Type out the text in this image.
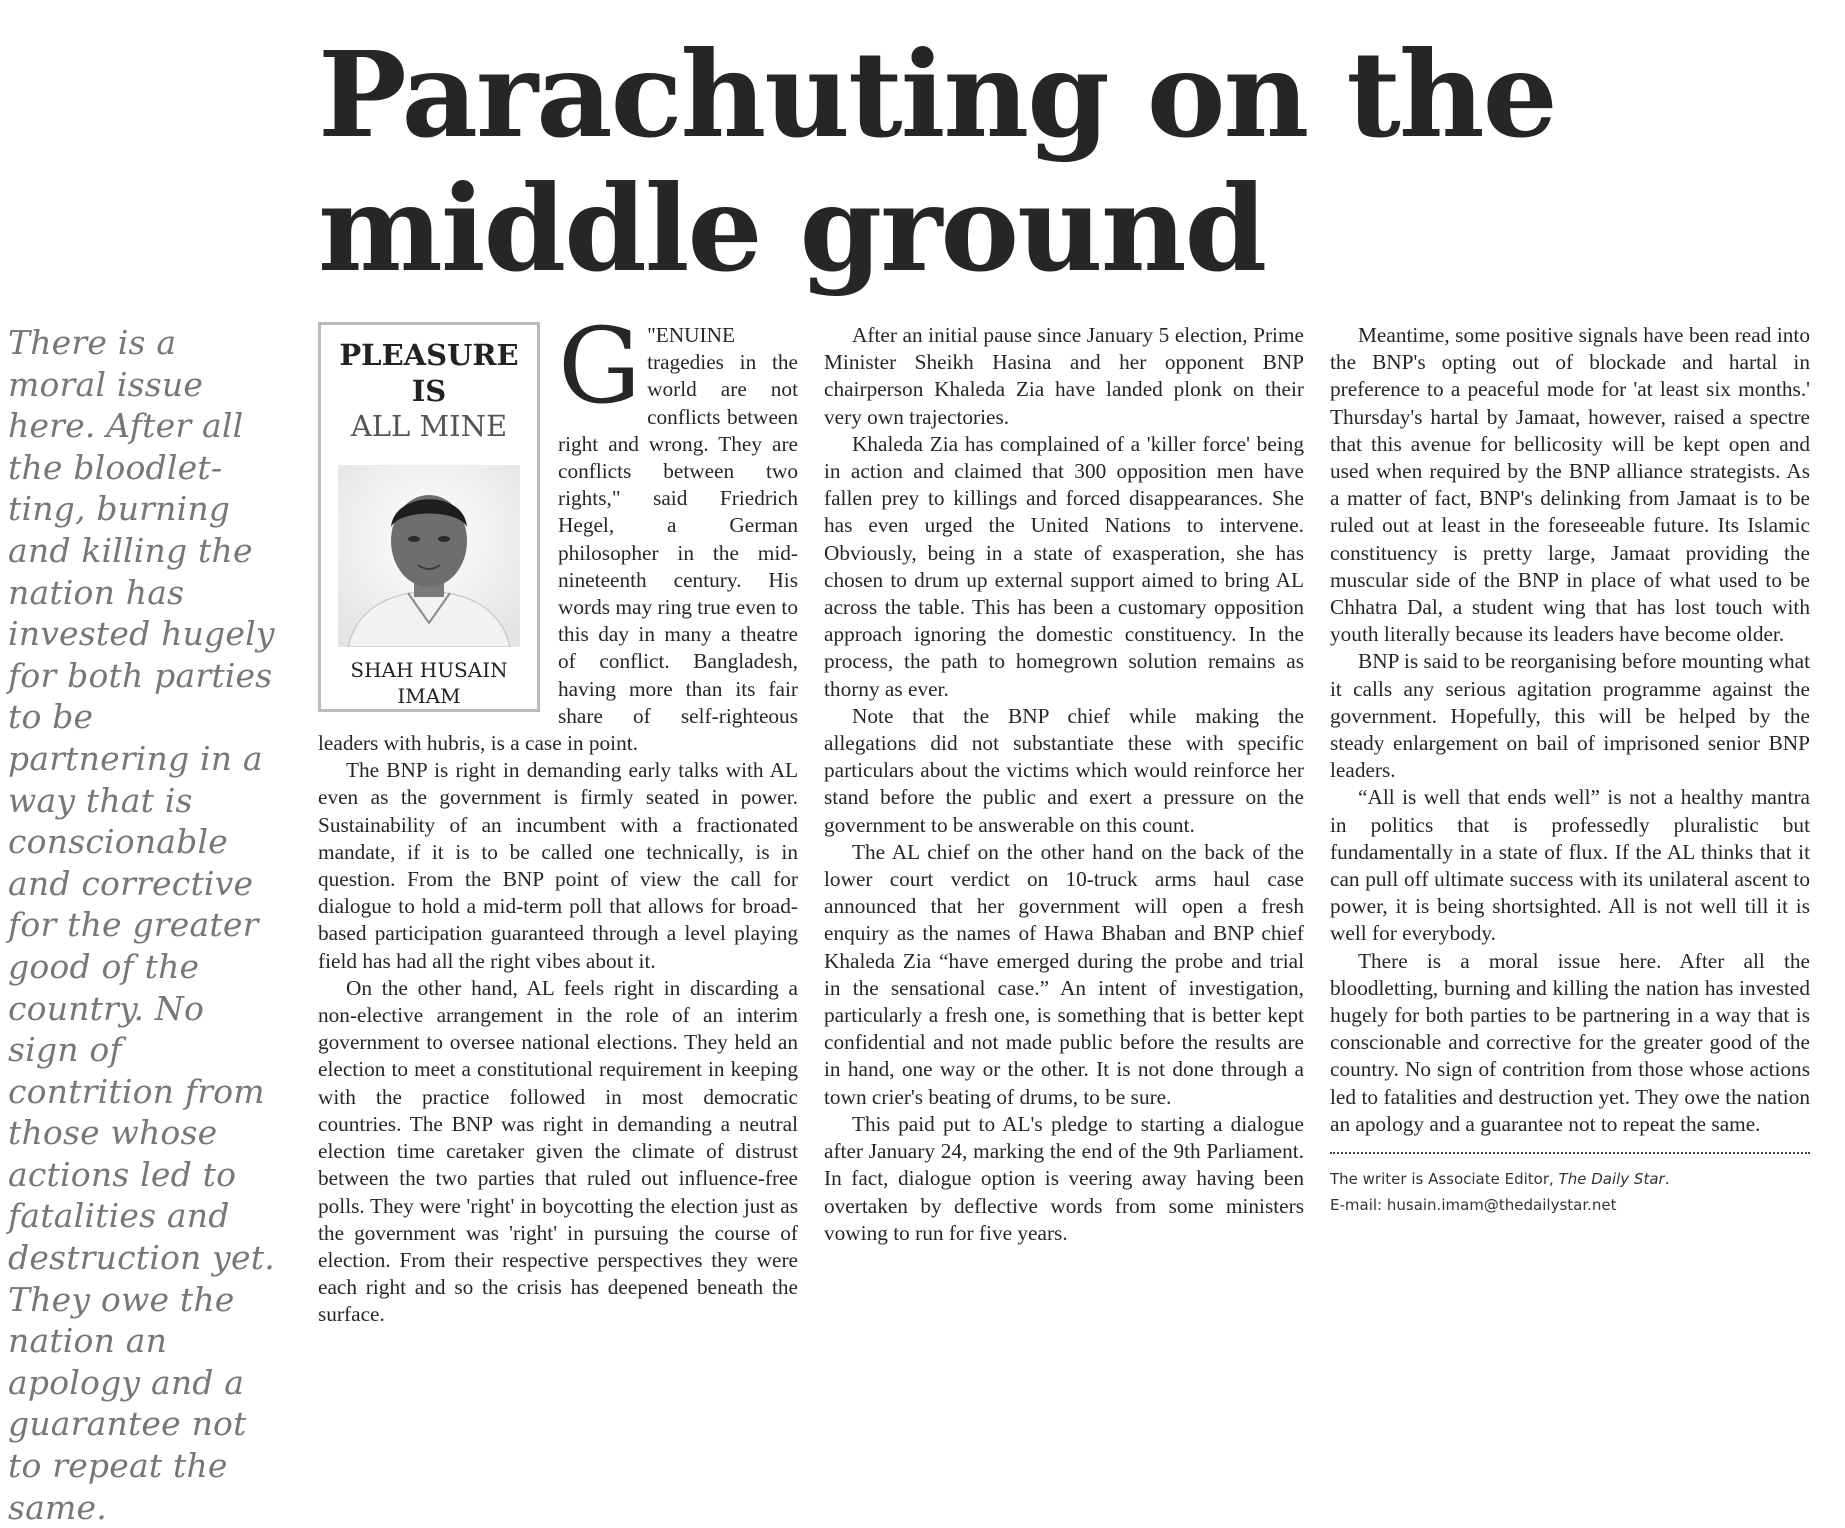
Parachuting on the middle ground

There is a moral issue here. After all the bloodletting, burning and killing the nation has invested hugely for both parties to be partnering in a way that is conscionable and corrective for the greater good of the country. No sign of contrition from those whose actions led to fatalities and destruction yet. They owe the nation an apology and a guarantee not to repeat the same.

PLEASURE IS
ALL MINE
SHAH HUSAIN IMAM

"
G ENUINE tragedies in the world are not conflicts between right and wrong. They are conflicts between two rights," said Friedrich Hegel, a German philosopher in the mid-nineteenth century. His words may ring true even to this day in many a theatre of conflict. Bangladesh, having more than its fair share of self-righteous leaders with hubris, is a case in point.

The BNP is right in demanding early talks with AL even as the government is firmly seated in power. Sustainability of an incumbent with a fractionated mandate, if it is to be called one technically, is in question. From the BNP point of view the call for dialogue to hold a mid-term poll that allows for broad-based participation guaranteed through a level playing field has had all the right vibes about it.

On the other hand, AL feels right in discarding a non-elective arrangement in the role of an interim government to oversee national elections. They held an election to meet a constitutional requirement in keeping with the practice followed in most democratic countries. The BNP was right in demanding a neutral election time caretaker given the climate of distrust between the two parties that ruled out influence-free polls. They were 'right' in boycotting the election just as the government was 'right' in pursuing the course of election. From their respective perspectives they were each right and so the crisis has deepened beneath the surface.

After an initial pause since January 5 election, Prime Minister Sheikh Hasina and her opponent BNP chairperson Khaleda Zia have landed plonk on their very own trajectories.

Khaleda Zia has complained of a 'killer force' being in action and claimed that 300 opposition men have fallen prey to killings and forced disappearances. She has even urged the United Nations to intervene. Obviously, being in a state of exasperation, she has chosen to drum up external support aimed to bring AL across the table. This has been a customary opposition approach ignoring the domestic constituency. In the process, the path to homegrown solution remains as thorny as ever.

Note that the BNP chief while making the allegations did not substantiate these with specific particulars about the victims which would reinforce her stand before the public and exert a pressure on the government to be answerable on this count.

The AL chief on the other hand on the back of the lower court verdict on 10-truck arms haul case announced that her government will open a fresh enquiry as the names of Hawa Bhaban and BNP chief Khaleda Zia “have emerged during the probe and trial in the sensational case.” An intent of investigation, particularly a fresh one, is something that is better kept confidential and not made public before the results are in hand, one way or the other. It is not done through a town crier's beating of drums, to be sure.

This paid put to AL's pledge to starting a dialogue after January 24, marking the end of the 9th Parliament. In fact, dialogue option is veering away having been overtaken by deflective words from some ministers vowing to run for five years.

Meantime, some positive signals have been read into the BNP's opting out of blockade and hartal in preference to a peaceful mode for 'at least six months.' Thursday's hartal by Jamaat, however, raised a spectre that this avenue for bellicosity will be kept open and used when required by the BNP alliance strategists. As a matter of fact, BNP's delinking from Jamaat is to be ruled out at least in the foreseeable future. Its Islamic constituency is pretty large, Jamaat providing the muscular side of the BNP in place of what used to be Chhatra Dal, a student wing that has lost touch with youth literally because its leaders have become older.

BNP is said to be reorganising before mounting what it calls any serious agitation programme against the government. Hopefully, this will be helped by the steady enlargement on bail of imprisoned senior BNP leaders.

“All is well that ends well” is not a healthy mantra in politics that is professedly pluralistic but fundamentally in a state of flux. If the AL thinks that it can pull off ultimate success with its unilateral ascent to power, it is being shortsighted. All is not well till it is well for everybody.

There is a moral issue here. After all the bloodletting, burning and killing the nation has invested hugely for both parties to be partnering in a way that is conscionable and corrective for the greater good of the country. No sign of contrition from those whose actions led to fatalities and destruction yet. They owe the nation an apology and a guarantee not to repeat the same.

The writer is Associate Editor, The Daily Star.

E-mail: husain.imam@thedailystar.net
